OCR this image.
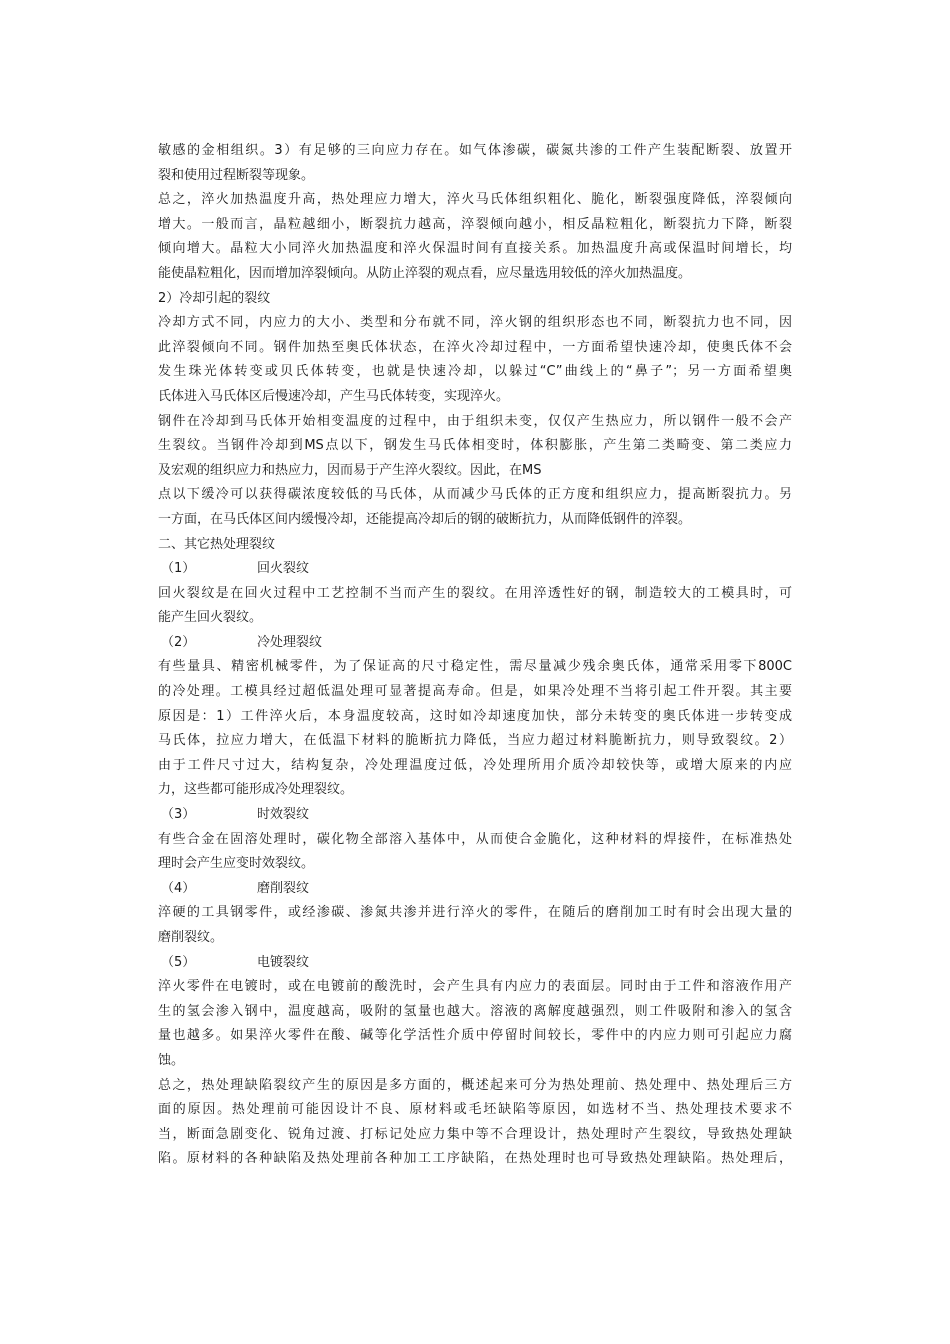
敏感的金相组织。3）有足够的三向应力存在。如气体渗碳，碳氮共渗的工件产生装配断裂、放置开
裂和使用过程断裂等现象。
总之，淬火加热温度升高，热处理应力增大，淬火马氏体组织粗化、脆化，断裂强度降低，淬裂倾向
增大。一般而言，晶粒越细小，断裂抗力越高，淬裂倾向越小，相反晶粒粗化，断裂抗力下降，断裂
倾向增大。晶粒大小同淬火加热温度和淬火保温时间有直接关系。加热温度升高或保温时间增长，均
能使晶粒粗化，因而增加淬裂倾向。从防止淬裂的观点看，应尽量选用较低的淬火加热温度。
2）冷却引起的裂纹
冷却方式不同，内应力的大小、类型和分布就不同，淬火钢的组织形态也不同，断裂抗力也不同，因
此淬裂倾向不同。钢件加热至奥氏体状态，在淬火冷却过程中，一方面希望快速冷却，使奥氏体不会
发生珠光体转变或贝氏体转变，也就是快速冷却，以躲过“C”曲线上的“鼻子”；另一方面希望奥
氏体进入马氏体区后慢速冷却，产生马氏体转变，实现淬火。
钢件在冷却到马氏体开始相变温度的过程中，由于组织未变，仅仅产生热应力，所以钢件一般不会产
生裂纹。当钢件冷却到MS点以下，钢发生马氏体相变时，体积膨胀，产生第二类畸变、第二类应力
及宏观的组织应力和热应力，因而易于产生淬火裂纹。因此，在MS
点以下缓冷可以获得碳浓度较低的马氏体，从而减少马氏体的正方度和组织应力，提高断裂抗力。另
一方面，在马氏体区间内缓慢冷却，还能提高冷却后的钢的破断抗力，从而降低钢件的淬裂。
二、其它热处理裂纹
（1）	回火裂纹
回火裂纹是在回火过程中工艺控制不当而产生的裂纹。在用淬透性好的钢，制造较大的工模具时，可
能产生回火裂纹。
（2）	冷处理裂纹
有些量具、精密机械零件，为了保证高的尺寸稳定性，需尽量减少残余奥氏体，通常采用零下800C
的冷处理。工模具经过超低温处理可显著提高寿命。但是，如果冷处理不当将引起工件开裂。其主要
原因是：1）工件淬火后，本身温度较高，这时如冷却速度加快，部分未转变的奥氏体进一步转变成
马氏体，拉应力增大，在低温下材料的脆断抗力降低，当应力超过材料脆断抗力，则导致裂纹。2）
由于工件尺寸过大，结构复杂，冷处理温度过低，冷处理所用介质冷却较快等，或增大原来的内应
力，这些都可能形成冷处理裂纹。
（3）	时效裂纹
有些合金在固溶处理时，碳化物全部溶入基体中，从而使合金脆化，这种材料的焊接件，在标准热处
理时会产生应变时效裂纹。
（4）	磨削裂纹
淬硬的工具钢零件，或经渗碳、渗氮共渗并进行淬火的零件，在随后的磨削加工时有时会出现大量的
磨削裂纹。
（5）	电镀裂纹
淬火零件在电镀时，或在电镀前的酸洗时，会产生具有内应力的表面层。同时由于工件和溶液作用产
生的氢会渗入钢中，温度越高，吸附的氢量也越大。溶液的离解度越强烈，则工件吸附和渗入的氢含
量也越多。如果淬火零件在酸、碱等化学活性介质中停留时间较长，零件中的内应力则可引起应力腐
蚀。
总之，热处理缺陷裂纹产生的原因是多方面的，概述起来可分为热处理前、热处理中、热处理后三方
面的原因。热处理前可能因设计不良、原材料或毛坯缺陷等原因，如选材不当、热处理技术要求不
当，断面急剧变化、锐角过渡、打标记处应力集中等不合理设计，热处理时产生裂纹，导致热处理缺
陷。原材料的各种缺陷及热处理前各种加工工序缺陷，在热处理时也可导致热处理缺陷。热处理后，
